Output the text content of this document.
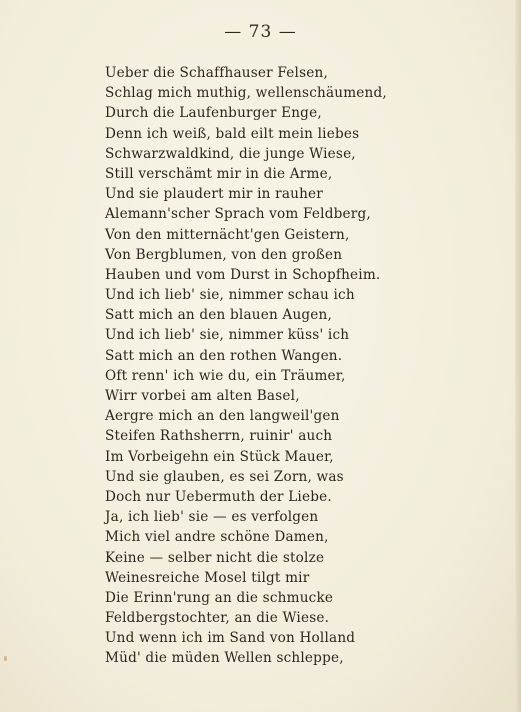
— 73 —
Ueber die Schaffhauser Felsen,
Schlag mich muthig, wellenschäumend,
Durch die Laufenburger Enge,
Denn ich weiß, bald eilt mein liebes
Schwarzwaldkind, die junge Wiese,
Still verschämt mir in die Arme,
Und sie plaudert mir in rauher
Alemann'scher Sprach vom Feldberg,
Von den mitternächt'gen Geistern,
Von Bergblumen, von den großen
Hauben und vom Durst in Schopfheim.
Und ich lieb' sie, nimmer schau ich
Satt mich an den blauen Augen,
Und ich lieb' sie, nimmer küss' ich
Satt mich an den rothen Wangen.
Oft renn' ich wie du, ein Träumer,
Wirr vorbei am alten Basel,
Aergre mich an den langweil'gen
Steifen Rathsherrn, ruinir' auch
Im Vorbeigehn ein Stück Mauer,
Und sie glauben, es sei Zorn, was
Doch nur Uebermuth der Liebe.
Ja, ich lieb' sie — es verfolgen
Mich viel andre schöne Damen,
Keine — selber nicht die stolze
Weinesreiche Mosel tilgt mir
Die Erinn'rung an die schmucke
Feldbergstochter, an die Wiese.
Und wenn ich im Sand von Holland
Müd' die müden Wellen schleppe,
